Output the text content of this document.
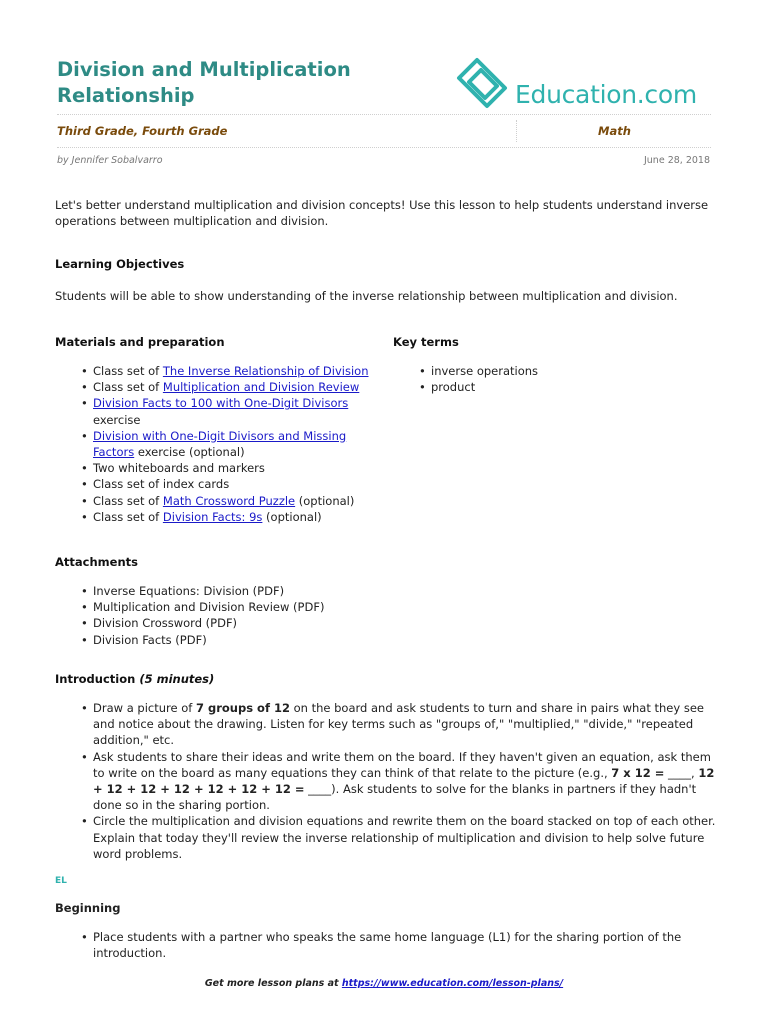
Division and Multiplication Relationship	Education.com
Third Grade, Fourth Grade	Math
by Jennifer Sobalvarro	June 28, 2018

Let's better understand multiplication and division concepts! Use this lesson to help students understand inverse operations between multiplication and division.

Learning Objectives

Students will be able to show understanding of the inverse relationship between multiplication and division.

Materials and preparation
• Class set of The Inverse Relationship of Division
• Class set of Multiplication and Division Review
• Division Facts to 100 with One-Digit Divisors exercise
• Division with One-Digit Divisors and Missing Factors exercise (optional)
• Two whiteboards and markers
• Class set of index cards
• Class set of Math Crossword Puzzle (optional)
• Class set of Division Facts: 9s (optional)
Key terms
• inverse operations
• product
Attachments
• Inverse Equations: Division (PDF)
• Multiplication and Division Review (PDF)
• Division Crossword (PDF)
• Division Facts (PDF)
Introduction (5 minutes)
• Draw a picture of 7 groups of 12 on the board and ask students to turn and share in pairs what they see and notice about the drawing. Listen for key terms such as "groups of," "multiplied," "divide," "repeated addition," etc.
• Ask students to share their ideas and write them on the board. If they haven't given an equation, ask them to write on the board as many equations they can think of that relate to the picture (e.g., 7 x 12 = ____, 12 + 12 + 12 + 12 + 12 + 12 + 12 = ____). Ask students to solve for the blanks in partners if they hadn't done so in the sharing portion.
• Circle the multiplication and division equations and rewrite them on the board stacked on top of each other. Explain that today they'll review the inverse relationship of multiplication and division to help solve future word problems.
EL
Beginning
• Place students with a partner who speaks the same home language (L1) for the sharing portion of the introduction.
Get more lesson plans at https://www.education.com/lesson-plans/
